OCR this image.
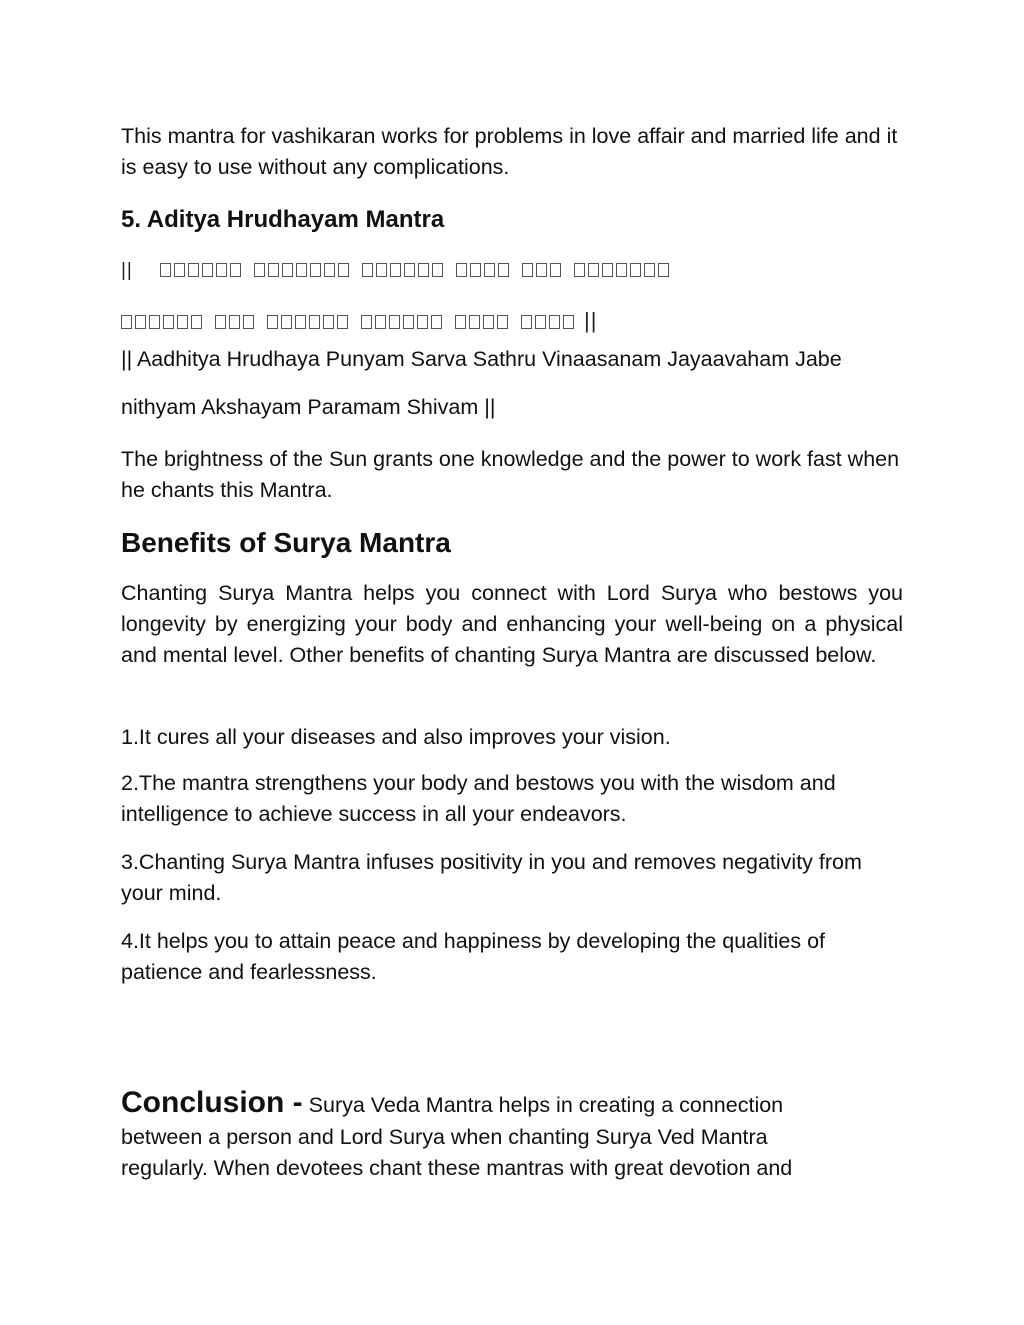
This mantra for vashikaran works for problems in love affair and married life and it is easy to use without any complications.

5. Aditya Hrudhayam Mantra
||
||
|| Aadhitya Hrudhaya Punyam Sarva Sathru Vinaasanam Jayaavaham Jabe
nithyam Akshayam Paramam Shivam ||

The brightness of the Sun grants one knowledge and the power to work fast when he chants this Mantra.

Benefits of Surya Mantra

Chanting Surya Mantra helps you connect with Lord Surya who bestows you longevity by energizing your body and enhancing your well-being on a physical and mental level. Other benefits of chanting Surya Mantra are discussed below.

1.It cures all your diseases and also improves your vision.

2.The mantra strengthens your body and bestows you with the wisdom and intelligence to achieve success in all your endeavors.

3.Chanting Surya Mantra infuses positivity in you and removes negativity from your mind.

4.It helps you to attain peace and happiness by developing the qualities of patience and fearlessness.

Conclusion - Surya Veda Mantra helps in creating a connection
between a person and Lord Surya when chanting Surya Ved Mantra
regularly. When devotees chant these mantras with great devotion and
